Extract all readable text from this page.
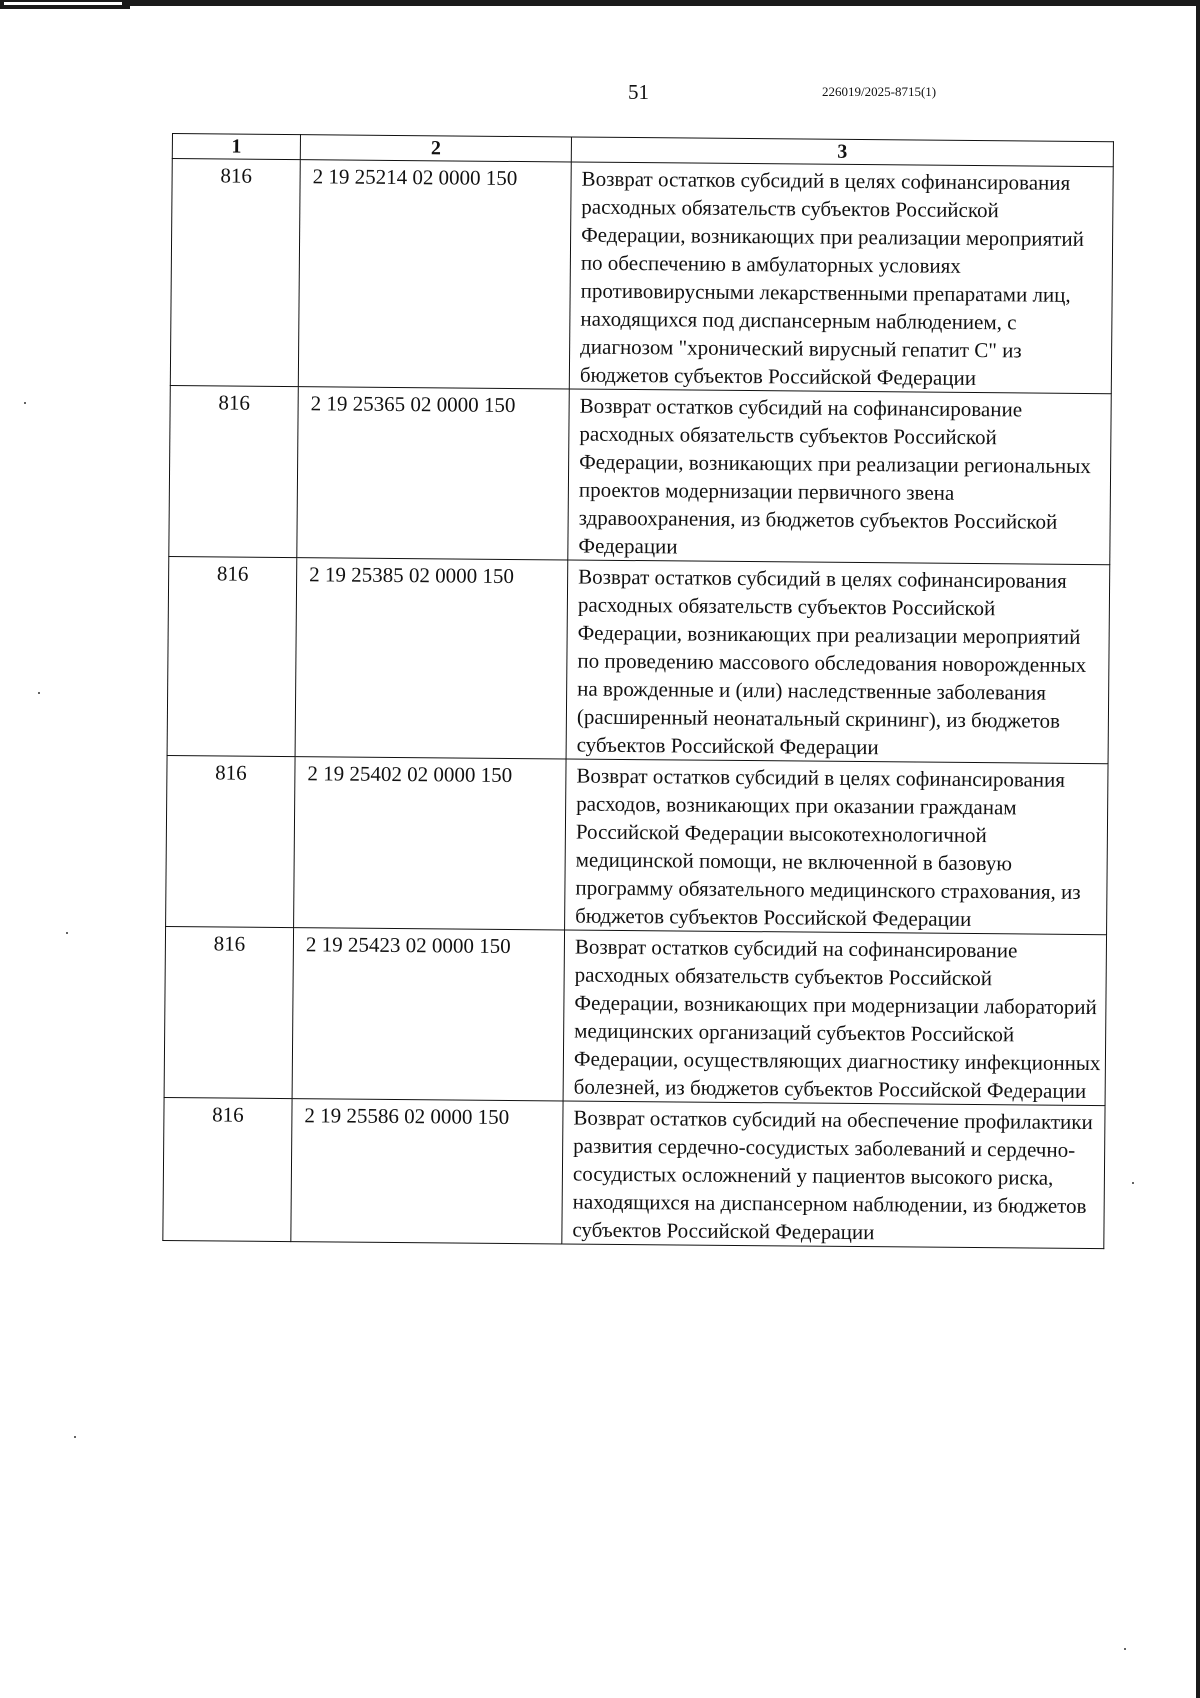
51	226019/2025-8715(1)
1	2	3
816	2 19 25214 02 0000 150	Возврат остатков субсидий в целях софинансирования расходных обязательств субъектов Российской Федерации, возникающих при реализации мероприятий по обеспечению в амбулаторных условиях противовирусными лекарственными препаратами лиц, находящихся под диспансерным наблюдением, с диагнозом "хронический вирусный гепатит С" из бюджетов субъектов Российской Федерации
816	2 19 25365 02 0000 150	Возврат остатков субсидий на софинансирование расходных обязательств субъектов Российской Федерации, возникающих при реализации региональных проектов модернизации первичного звена здравоохранения, из бюджетов субъектов Российской Федерации
816	2 19 25385 02 0000 150	Возврат остатков субсидий в целях софинансирования расходных обязательств субъектов Российской Федерации, возникающих при реализации мероприятий по проведению массового обследования новорожденных на врожденные и (или) наследственные заболевания (расширенный неонатальный скрининг), из бюджетов субъектов Российской Федерации
816	2 19 25402 02 0000 150	Возврат остатков субсидий в целях софинансирования расходов, возникающих при оказании гражданам Российской Федерации высокотехнологичной медицинской помощи, не включенной в базовую программу обязательного медицинского страхования, из бюджетов субъектов Российской Федерации
816	2 19 25423 02 0000 150	Возврат остатков субсидий на софинансирование расходных обязательств субъектов Российской Федерации, возникающих при модернизации лабораторий медицинских организаций субъектов Российской Федерации, осуществляющих диагностику инфекционных болезней, из бюджетов субъектов Российской Федерации
816	2 19 25586 02 0000 150	Возврат остатков субсидий на обеспечение профилактики развития сердечно-сосудистых заболеваний и сердечно-сосудистых осложнений у пациентов высокого риска, находящихся на диспансерном наблюдении, из бюджетов субъектов Российской Федерации
